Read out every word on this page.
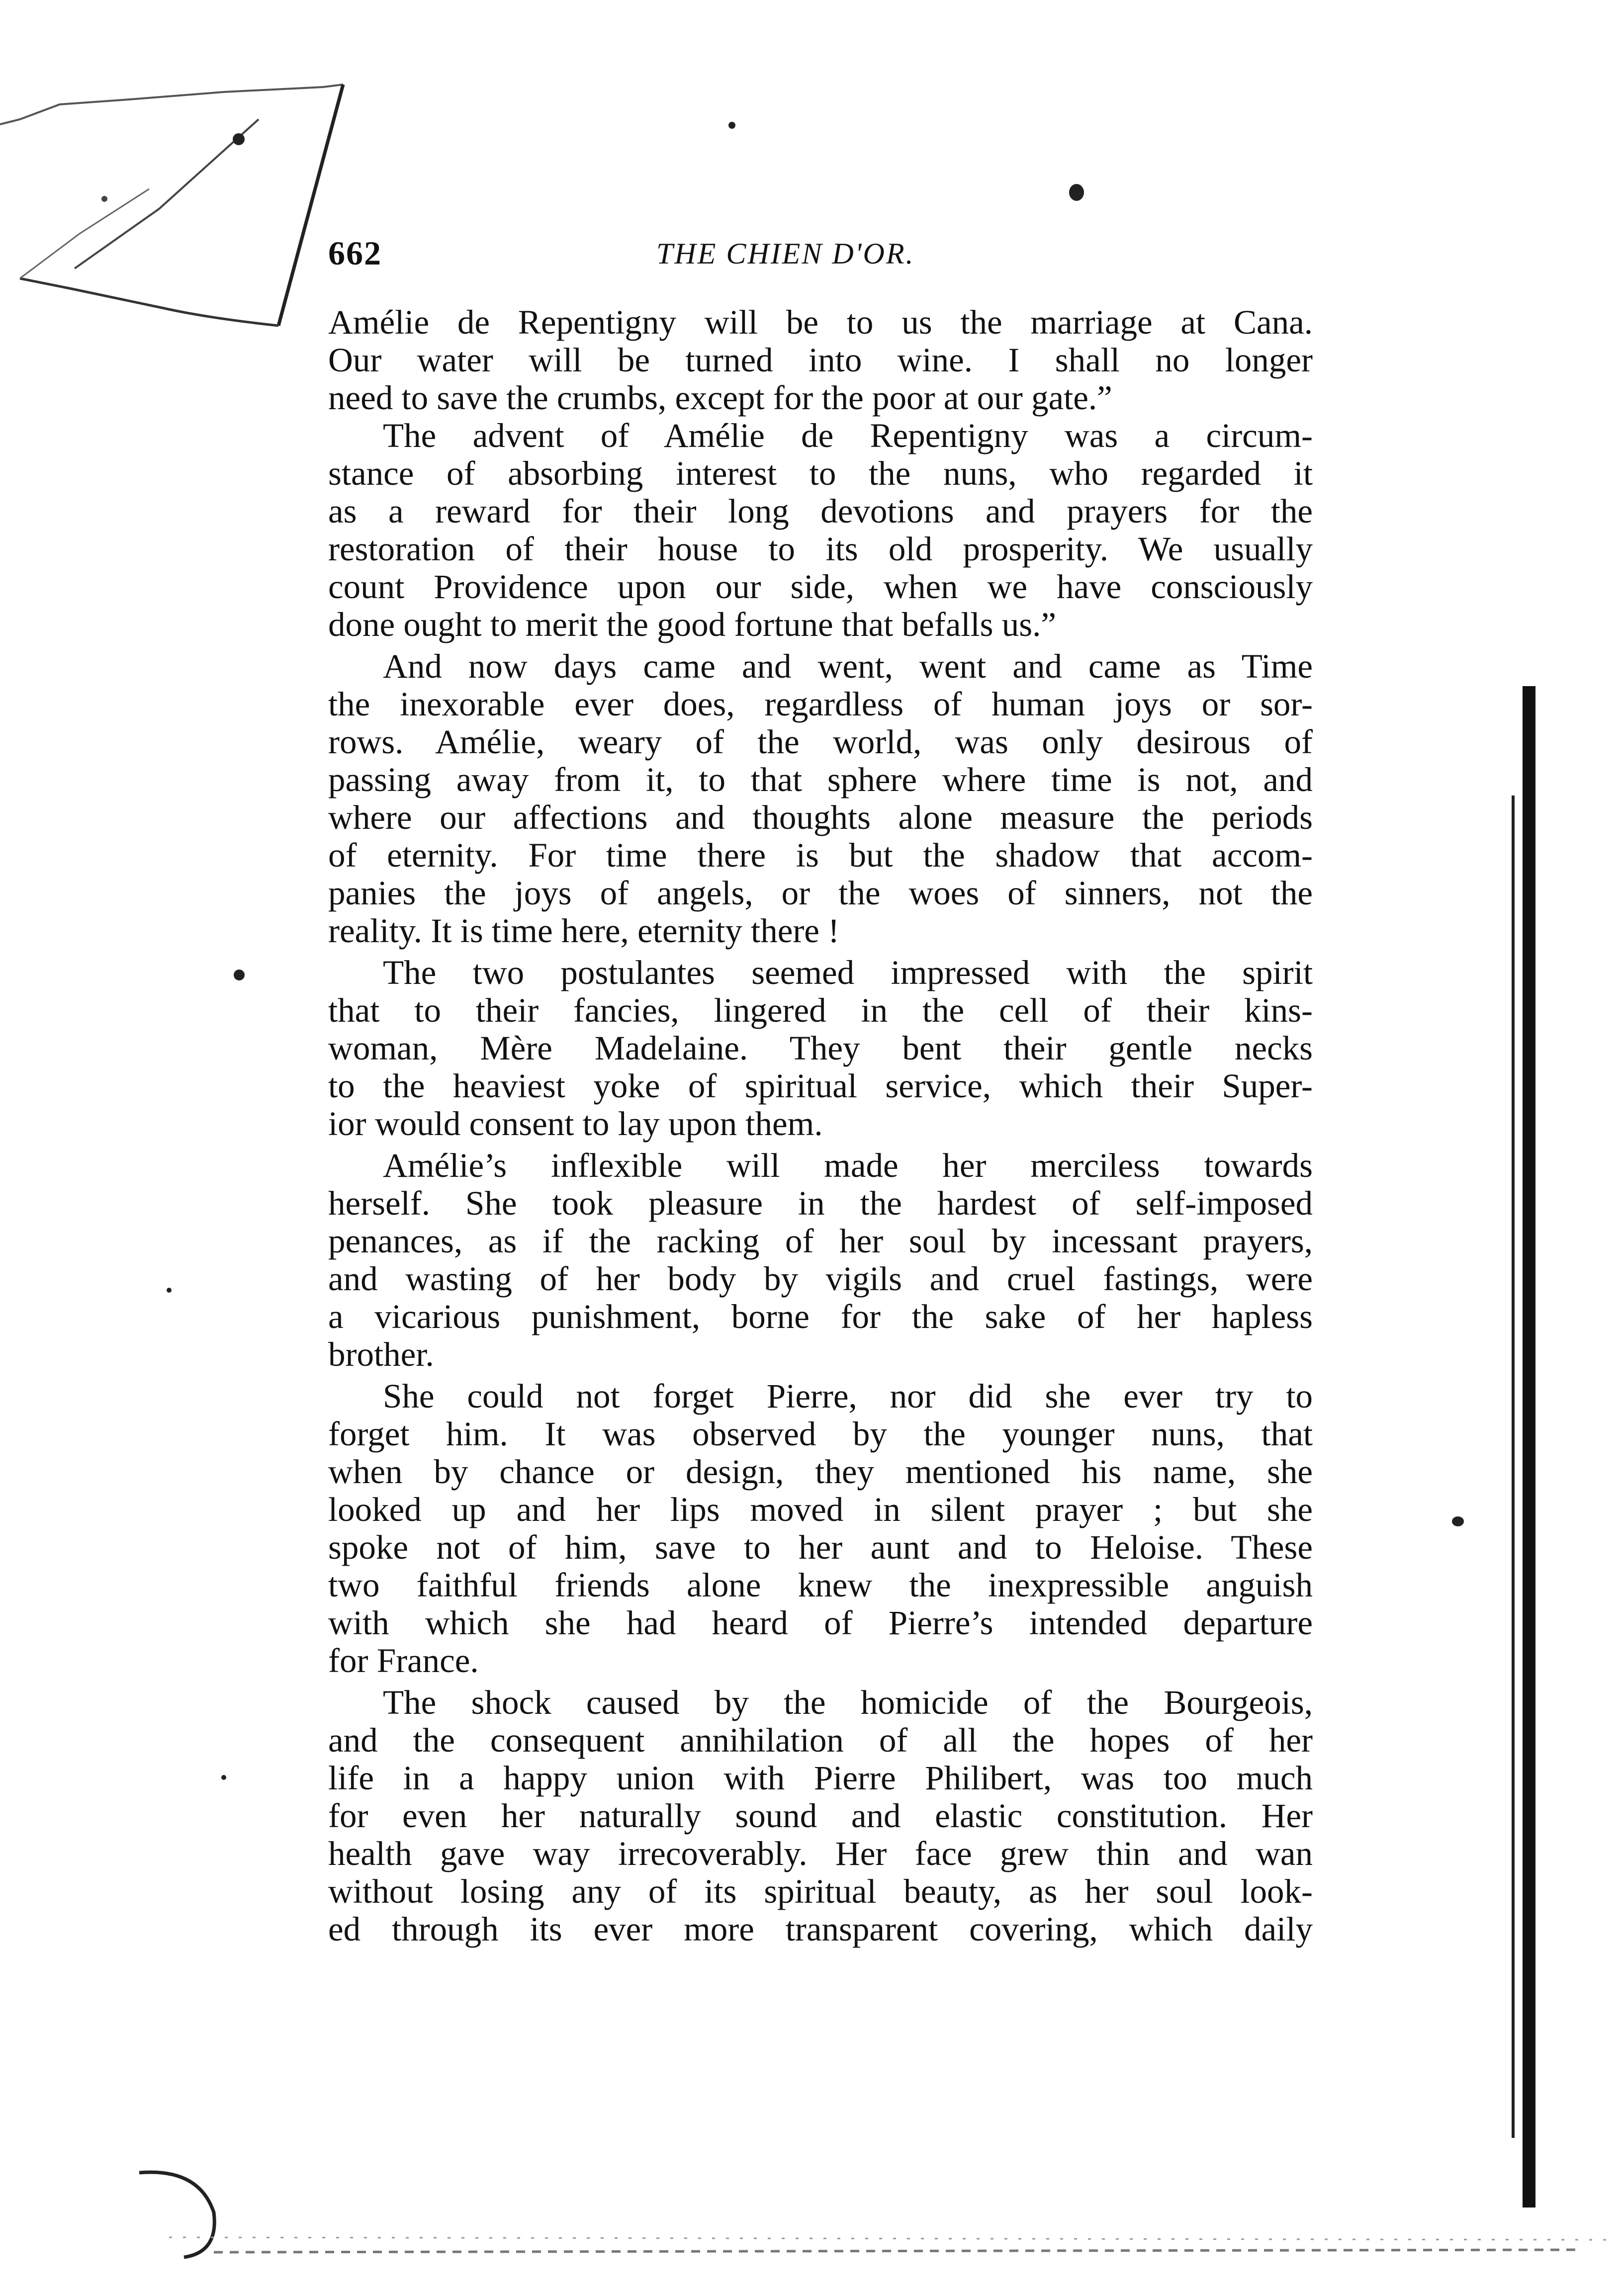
662	THE CHIEN D'OR.
Amélie de Repentigny will be to us the marriage at Cana.
Our water will be turned into wine. I shall no longer
need to save the crumbs, except for the poor at our gate.”
The advent of Amélie de Repentigny was a circum-
stance of absorbing interest to the nuns, who regarded it
as a reward for their long devotions and prayers for the
restoration of their house to its old prosperity. We usually
count Providence upon our side, when we have consciously
done ought to merit the good fortune that befalls us.”
And now days came and went, went and came as Time
the inexorable ever does, regardless of human joys or sor-
rows. Amélie, weary of the world, was only desirous of
passing away from it, to that sphere where time is not, and
where our affections and thoughts alone measure the periods
of eternity. For time there is but the shadow that accom-
panies the joys of angels, or the woes of sinners, not the
reality. It is time here, eternity there !
The two postulantes seemed impressed with the spirit
that to their fancies, lingered in the cell of their kins-
woman, Mère Madelaine. They bent their gentle necks
to the heaviest yoke of spiritual service, which their Super-
ior would consent to lay upon them.
Amélie’s inflexible will made her merciless towards
herself. She took pleasure in the hardest of self-imposed
penances, as if the racking of her soul by incessant prayers,
and wasting of her body by vigils and cruel fastings, were
a vicarious punishment, borne for the sake of her hapless
brother.
She could not forget Pierre, nor did she ever try to
forget him. It was observed by the younger nuns, that
when by chance or design, they mentioned his name, she
looked up and her lips moved in silent prayer ; but she
spoke not of him, save to her aunt and to Heloise. These
two faithful friends alone knew the inexpressible anguish
with which she had heard of Pierre’s intended departure
for France.
The shock caused by the homicide of the Bourgeois,
and the consequent annihilation of all the hopes of her
life in a happy union with Pierre Philibert, was too much
for even her naturally sound and elastic constitution. Her
health gave way irrecoverably. Her face grew thin and wan
without losing any of its spiritual beauty, as her soul look-
ed through its ever more transparent covering, which daily
